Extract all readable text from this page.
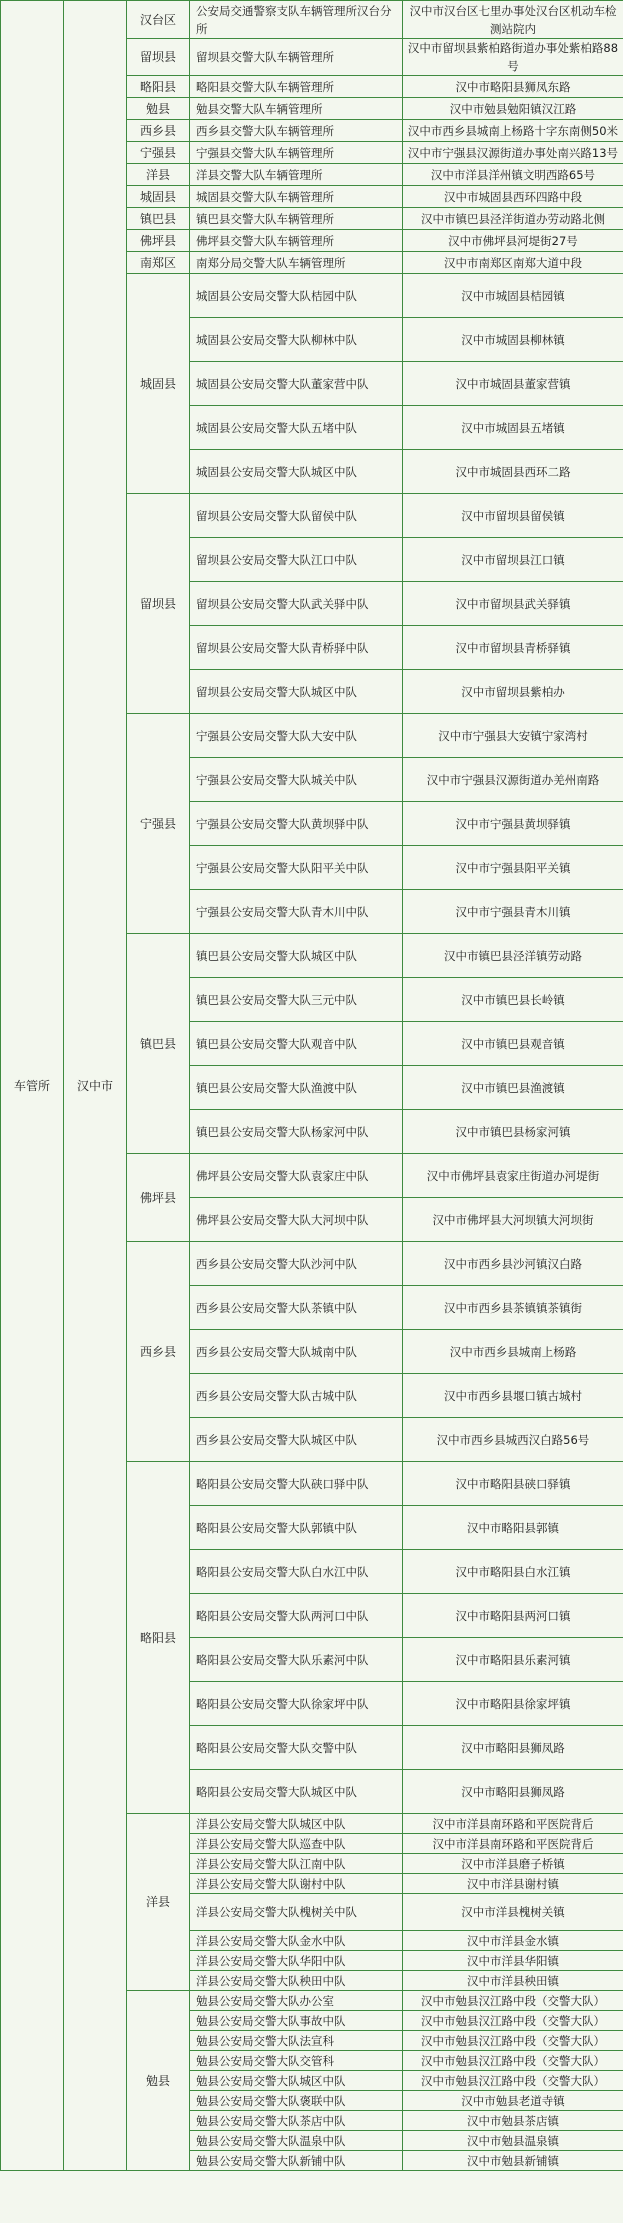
车管所	汉中市	汉台区	公安局交通警察支队车辆管理所汉台分所	汉中市汉台区七里办事处汉台区机动车检测站院内
		留坝县	留坝县交警大队车辆管理所	汉中市留坝县紫柏路街道办事处紫柏路88号
		略阳县	略阳县交警大队车辆管理所	汉中市略阳县狮凤东路
		勉县	勉县交警大队车辆管理所	汉中市勉县勉阳镇汉江路
		西乡县	西乡县交警大队车辆管理所	汉中市西乡县城南上杨路十字东南侧50米
		宁强县	宁强县交警大队车辆管理所	汉中市宁强县汉源街道办事处南兴路13号
		洋县	洋县交警大队车辆管理所	汉中市洋县洋州镇文明西路65号
		城固县	城固县交警大队车辆管理所	汉中市城固县西环四路中段
		镇巴县	镇巴县交警大队车辆管理所	汉中市镇巴县泾洋街道办劳动路北侧
		佛坪县	佛坪县交警大队车辆管理所	汉中市佛坪县河堤街27号
		南郑区	南郑分局交警大队车辆管理所	汉中市南郑区南郑大道中段
		城固县	城固县公安局交警大队桔园中队	汉中市城固县桔园镇
			城固县公安局交警大队柳林中队	汉中市城固县柳林镇
			城固县公安局交警大队董家营中队	汉中市城固县董家营镇
			城固县公安局交警大队五堵中队	汉中市城固县五堵镇
			城固县公安局交警大队城区中队	汉中市城固县西环二路
		留坝县	留坝县公安局交警大队留侯中队	汉中市留坝县留侯镇
			留坝县公安局交警大队江口中队	汉中市留坝县江口镇
			留坝县公安局交警大队武关驿中队	汉中市留坝县武关驿镇
			留坝县公安局交警大队青桥驿中队	汉中市留坝县青桥驿镇
			留坝县公安局交警大队城区中队	汉中市留坝县紫柏办
		宁强县	宁强县公安局交警大队大安中队	汉中市宁强县大安镇宁家湾村
			宁强县公安局交警大队城关中队	汉中市宁强县汉源街道办羌州南路
			宁强县公安局交警大队黄坝驿中队	汉中市宁强县黄坝驿镇
			宁强县公安局交警大队阳平关中队	汉中市宁强县阳平关镇
			宁强县公安局交警大队青木川中队	汉中市宁强县青木川镇
		镇巴县	镇巴县公安局交警大队城区中队	汉中市镇巴县泾洋镇劳动路
			镇巴县公安局交警大队三元中队	汉中市镇巴县长岭镇
			镇巴县公安局交警大队观音中队	汉中市镇巴县观音镇
			镇巴县公安局交警大队渔渡中队	汉中市镇巴县渔渡镇
			镇巴县公安局交警大队杨家河中队	汉中市镇巴县杨家河镇
		佛坪县	佛坪县公安局交警大队袁家庄中队	汉中市佛坪县袁家庄街道办河堤街
			佛坪县公安局交警大队大河坝中队	汉中市佛坪县大河坝镇大河坝街
		西乡县	西乡县公安局交警大队沙河中队	汉中市西乡县沙河镇汉白路
			西乡县公安局交警大队茶镇中队	汉中市西乡县茶镇镇茶镇街
			西乡县公安局交警大队城南中队	汉中市西乡县城南上杨路
			西乡县公安局交警大队古城中队	汉中市西乡县堰口镇古城村
			西乡县公安局交警大队城区中队	汉中市西乡县城西汉白路56号
		略阳县	略阳县公安局交警大队硖口驿中队	汉中市略阳县硖口驿镇
			略阳县公安局交警大队郭镇中队	汉中市略阳县郭镇
			略阳县公安局交警大队白水江中队	汉中市略阳县白水江镇
			略阳县公安局交警大队两河口中队	汉中市略阳县两河口镇
			略阳县公安局交警大队乐素河中队	汉中市略阳县乐素河镇
			略阳县公安局交警大队徐家坪中队	汉中市略阳县徐家坪镇
			略阳县公安局交警大队交警中队	汉中市略阳县狮凤路
			略阳县公安局交警大队城区中队	汉中市略阳县狮凤路
		洋县	洋县公安局交警大队城区中队	汉中市洋县南环路和平医院背后
			洋县公安局交警大队巡查中队	汉中市洋县南环路和平医院背后
			洋县公安局交警大队江南中队	汉中市洋县磨子桥镇
			洋县公安局交警大队谢村中队	汉中市洋县谢村镇
			洋县公安局交警大队槐树关中队	汉中市洋县槐树关镇
			洋县公安局交警大队金水中队	汉中市洋县金水镇
			洋县公安局交警大队华阳中队	汉中市洋县华阳镇
			洋县公安局交警大队秧田中队	汉中市洋县秧田镇
		勉县	勉县公安局交警大队办公室	汉中市勉县汉江路中段（交警大队）
			勉县公安局交警大队事故中队	汉中市勉县汉江路中段（交警大队）
			勉县公安局交警大队法宣科	汉中市勉县汉江路中段（交警大队）
			勉县公安局交警大队交管科	汉中市勉县汉江路中段（交警大队）
			勉县公安局交警大队城区中队	汉中市勉县汉江路中段（交警大队）
			勉县公安局交警大队褒联中队	汉中市勉县老道寺镇
			勉县公安局交警大队茶店中队	汉中市勉县茶店镇
			勉县公安局交警大队温泉中队	汉中市勉县温泉镇
			勉县公安局交警大队新铺中队	汉中市勉县新铺镇
